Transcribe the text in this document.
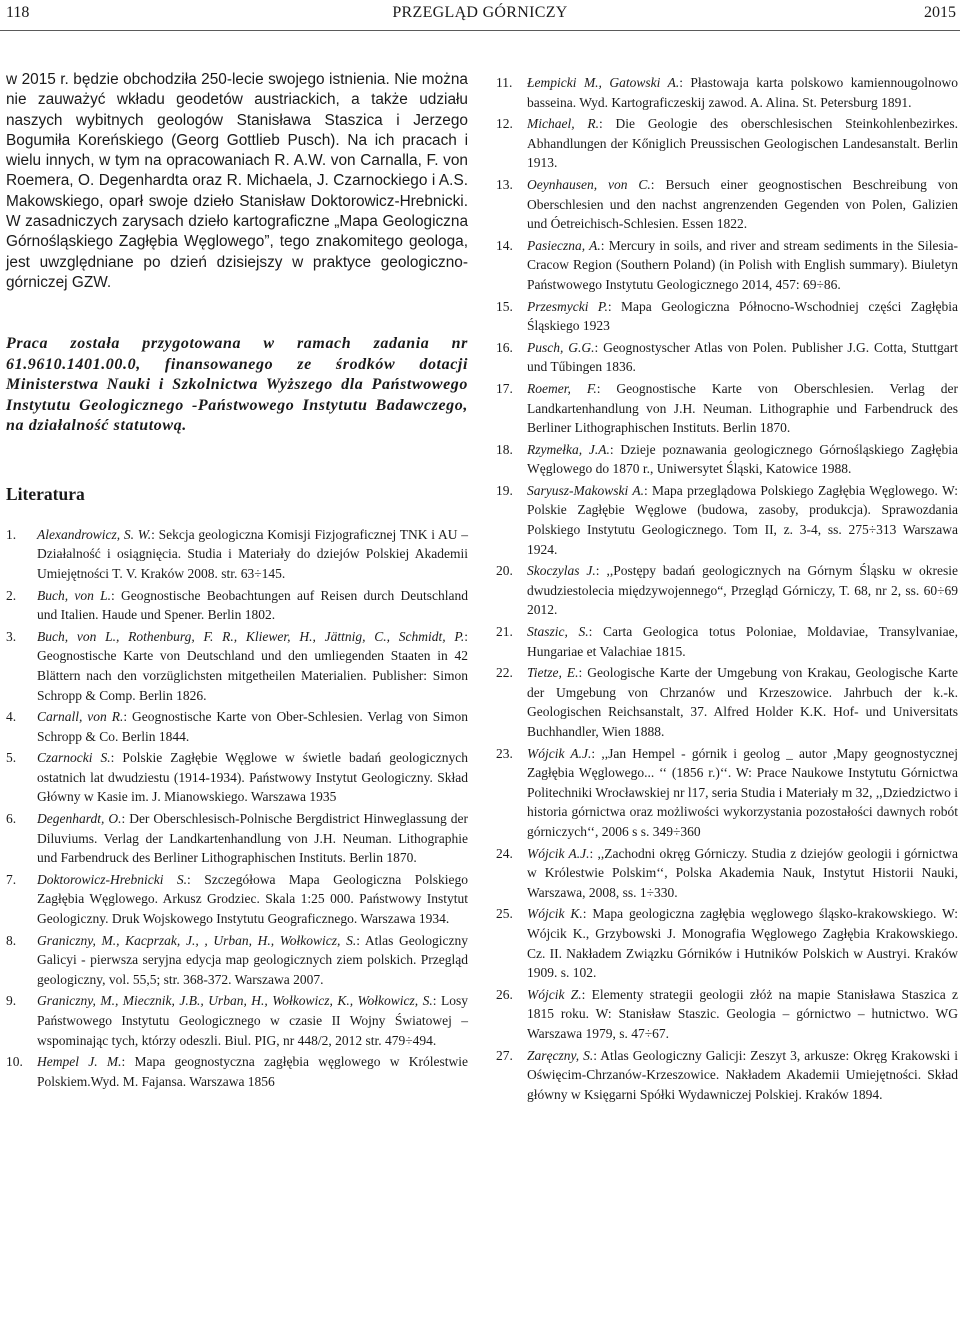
118	PRZEGLĄD GÓRNICZY	2015

w 2015 r. będzie obchodziła 250-lecie swojego istnienia. Nie można nie zauważyć wkładu geodetów austriackich, a także udziału naszych wybitnych geologów Stanisława Staszica i Jerzego Bogumiła Koreńskiego (Georg Gottlieb Pusch). Na ich pracach i wielu innych, w tym na opracowaniach R. A.W. von Carnalla, F. von Roemera, O. Degenhardta oraz R. Michaela, J. Czarnockiego i A.S. Makowskiego, oparł swoje dzieło Stanisław Doktorowicz-Hrebnicki. W zasadniczych zarysach dzieło kartograficzne „Mapa Geologiczna Górnośląskiego Zagłębia Węglowego”, tego znakomitego geologa, jest uwzględniane po dzień dzisiejszy w praktyce geologiczno-górniczej GZW.

Praca została przygotowana w ramach zadania nr 61.9610.1401.00.0, finansowanego ze środków dotacji Ministerstwa Nauki i Szkolnictwa Wyższego dla Państwowego Instytutu Geologicznego -Państwowego Instytutu Badawczego, na działalność statutową.

Literatura
1.	Alexandrowicz, S. W.: Sekcja geologiczna Komisji Fizjograficznej TNK i AU – Działalność i osiągnięcia. Studia i Materiały do dziejów Polskiej Akademii Umiejętności T. V. Kraków 2008. str. 63÷145.
2.	Buch, von L.: Geognostische Beobachtungen auf Reisen durch Deutschland und Italien. Haude und Spener. Berlin 1802.
3.	Buch, von L., Rothenburg, F. R., Kliewer, H., Jättnig, C., Schmidt, P.: Geognostische Karte von Deutschland und den umliegenden Staaten in 42 Blättern nach den vorzüglichsten mitgetheilen Materialien. Publisher: Simon Schropp & Comp. Berlin 1826.
4.	Carnall, von R.: Geognostische Karte von Ober-Schlesien. Verlag von Simon Schropp & Co. Berlin 1844.
5.	Czarnocki S.: Polskie Zagłębie Węglowe w świetle badań geologicznych ostatnich lat dwudziestu (1914-1934). Państwowy Instytut Geologiczny. Skład Główny w Kasie im. J. Mianowskiego. Warszawa 1935
6.	Degenhardt, O.: Der Oberschlesisch-Polnische Bergdistrict Hinweglassung der Diluviums. Verlag der Landkartenhandlung von J.H. Neuman. Lithographie und Farbendruck des Berliner Lithographischen Instituts. Berlin 1870.
7.	Doktorowicz-Hrebnicki S.: Szczegółowa Mapa Geologiczna Polskiego Zagłębia Węglowego. Arkusz Grodziec. Skala 1:25 000. Państwowy Instytut Geologiczny. Druk Wojskowego Instytutu Geograficznego. Warszawa 1934.
8.	Graniczny, M., Kacprzak, J., , Urban, H., Wołkowicz, S.: Atlas Geologiczny Galicyi - pierwsza seryjna edycja map geologicznych ziem polskich. Przegląd geologiczny, vol. 55,5; str. 368-372. Warszawa 2007.
9.	Graniczny, M., Miecznik, J.B., Urban, H., Wołkowicz, K., Wołkowicz, S.: Losy Państwowego Instytutu Geologicznego w czasie II Wojny Światowej – wspominając tych, którzy odeszli. Biul. PIG, nr 448/2, 2012 str. 479÷494.
10.	Hempel J. M.: Mapa geognostyczna zagłębia węglowego w Królestwie Polskiem.Wyd. M. Fajansa. Warszawa 1856
11.	Łempicki M., Gatowski A.: Płastowaja karta polskowo kamiennougolnowo basseina. Wyd. Kartograficzeskij zawod. A. Alina. St. Petersburg 1891.
12.	Michael, R.: Die Geologie des oberschlesischen Steinkohlenbezirkes. Abhandlungen der Kőniglich Preussischen Geologischen Landesanstalt. Berlin 1913.
13.	Oeynhausen, von C.: Bersuch einer geognostischen Beschreibung von Oberschlesien und den nachst angrenzenden Gegenden von Polen, Galizien und Óetreichisch-Schlesien. Essen 1822.
14.	Pasieczna, A.: Mercury in soils, and river and stream sediments in the Silesia-Cracow Region (Southern Poland) (in Polish with English summary). Biuletyn Państwowego Instytutu Geologicznego 2014, 457: 69÷86.
15.	Przesmycki P.: Mapa Geologiczna Północno-Wschodniej części Zagłębia Śląskiego 1923
16.	Pusch, G.G.: Geognostyscher Atlas von Polen. Publisher J.G. Cotta, Stuttgart und Tűbingen 1836.
17.	Roemer, F.: Geognostische Karte von Oberschlesien. Verlag der Landkartenhandlung von J.H. Neuman. Lithographie und Farbendruck des Berliner Lithographischen Instituts. Berlin 1870.
18.	Rzymełka, J.A.: Dzieje poznawania geologicznego Górnośląskiego Zagłębia Węglowego do 1870 r., Uniwersytet Śląski, Katowice 1988.
19.	Saryusz-Makowski A.: Mapa przeglądowa Polskiego Zagłębia Węglowego. W: Polskie Zagłębie Węglowe (budowa, zasoby, produkcja). Sprawozdania Polskiego Instytutu Geologicznego. Tom II, z. 3-4, ss. 275÷313 Warszawa 1924.
20.	Skoczylas J.: ,,Postępy badań geologicznych na Górnym Śląsku w okresie dwudziestolecia międzywojennego“, Przegląd Górniczy, T. 68, nr 2, ss. 60÷69 2012.
21.	Staszic, S.: Carta Geologica totus Poloniae, Moldaviae, Transylvaniae, Hungariae et Valachiae 1815.
22.	Tietze, E.: Geologische Karte der Umgebung von Krakau, Geologische Karte der Umgebung von Chrzanów und Krzeszowice. Jahrbuch der k.-k. Geologischen Reichsanstalt, 37. Alfred Holder K.K. Hof- und Universitats Buchhandler, Wien 1888.
23.	Wójcik A.J.: ,,Jan Hempel - górnik i geolog _ autor ,Mapy geognostycznej Zagłębia Węglowego... ‘‘ (1856 r.)‘‘. W: Prace Naukowe Instytutu Górnictwa Politechniki Wrocławskiej nr l17, seria Studia i Materiały m 32, ,,Dziedzictwo i historia górnictwa oraz możliwości wykorzystania pozostałości dawnych robót górniczych‘‘, 2006 s s. 349÷360
24.	Wójcik A.J.: ,,Zachodni okręg Górniczy. Studia z dziejów geologii i górnictwa w Królestwie Polskim‘‘, Polska Akademia Nauk, Instytut Historii Nauki, Warszawa, 2008, ss. 1÷330.
25.	Wójcik K.: Mapa geologiczna zagłębia węglowego śląsko-krakowskiego. W: Wójcik K., Grzybowski J. Monografia Węglowego Zagłębia Krakowskiego. Cz. II. Nakładem Związku Górników i Hutników Polskich w Austryi. Kraków 1909. s. 102.
26.	Wójcik Z.: Elementy strategii geologii złóż na mapie Stanisława Staszica z 1815 roku. W: Stanisław Staszic. Geologia – górnictwo – hutnictwo. WG Warszawa 1979, s. 47÷67.
27.	Zaręczny, S.: Atlas Geologiczny Galicji: Zeszyt 3, arkusze: Okręg Krakowski i Oświęcim-Chrzanów-Krzeszowice. Nakładem Akademii Umiejętności. Skład główny w Księgarni Spółki Wydawniczej Polskiej. Kraków 1894.
